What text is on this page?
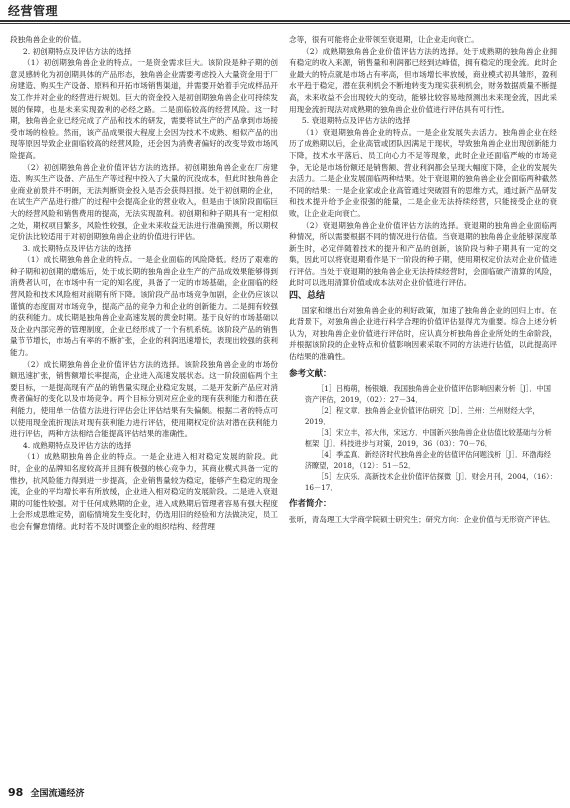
经营管理

段独角兽企业的价值。

2. 初创期特点及评估方法的选择

（1）初创期独角兽企业的特点。一是资金需求巨大。该阶段是种子期的创意灵感转化为初创期具体的产品形态，独角兽企业需要考虑投入大量资金用于厂房建造、购买生产设备、原料和开拓市场销售渠道，并需要开始着手完成样品开发工作并对企业的经营进行规划。巨大的资金投入是初创期独角兽企业可持续发展的保障，也是未来实现盈利的必经之路。二是面临较高的经营风险。这一时期，独角兽企业已经完成了产品和技术的研发，需要将试生产的产品拿到市场接受市场的检验。然而，该产品成果很大程度上会因为技术不成熟、相似产品的出现等原因导致企业面临较高的经营风险，还会因为消费者偏好的改变导致市场风险提高。

（2）初创期独角兽企业价值评估方法的选择。初创期独角兽企业在厂房建造、购买生产设备、产品生产等过程中投入了大量的沉没成本，但此时独角兽企业商业前景并不明朗，无法判断资金投入是否会获得回报。处于初创期的企业，在试生产产品进行推广的过程中会提高企业的营业收入，但是由于该阶段面临巨大的经营风险和销售费用的提高，无法实现盈利。初创期和种子期具有一定相似之处，期权项目繁多，风险性较强，企业未来收益无法进行准确预测，所以期权定价法比较适用于对初创期独角兽企业的价值进行评估。

3. 成长期特点及评估方法的选择

（1）成长期独角兽企业的特点。一是企业面临的风险降低。经历了艰难的种子期和初创期的磨炼后，处于成长期的独角兽企业生产的产品成效果能够得到消费者认可，在市场中有一定的知名度，具备了一定的市场基础，企业面临的经营风险和技术风险相对前期有所下降。该阶段产品市场竞争加剧，企业仍应该以谨慎的态度面对市场竞争，提高产品的竞争力和企业的创新能力。二是拥有较强的获利能力。成长期是独角兽企业高速发展的黄金时期。基于良好的市场基础以及企业内部完善的管理制度，企业已经形成了一个有机系统。该阶段产品的销售量节节增长，市场占有率的不断扩张，企业的利润迅速增长，表现出较强的获利能力。

（2）成长期独角兽企业价值评估方法的选择。该阶段独角兽企业的市场份额迅速扩张，销售额增长率提高，企业进入高速发展状态。这一阶段面临两个主要目标，一是提高现有产品的销售量实现企业稳定发展，二是开发新产品应对消费者偏好的变化以及市场竞争。两个目标分别对应企业的现有获利能力和潜在获利能力，使用单一估值方法进行评估会让评估结果有失偏颇。根据二者的特点可以使用现金流折现法对现有获利能力进行评估，使用期权定价法对潜在获利能力进行评估，两种方法相结合能提高评估结果的准确性。

4. 成熟期特点及评估方法的选择

（1）成熟期独角兽企业的特点。一是企业进入相对稳定发展的阶段。此时，企业的品牌知名度较高并且拥有极强的核心竞争力，其商业模式具备一定的惟抄，抗风险能力得到进一步提高，企业销售量较为稳定，能够产生稳定的现金流，企业的平均增长率有所放缓，企业进入相对稳定的发展阶段。二是进入衰退期的可能性较强。对于任何成熟期的企业，进入成熟期后管理者容易有强大程度上会形成思维定势，面临情境发生变化时，仍选用旧的经验和方法做决定，员工也会有懈怠情绪。此时若不及时调整企业的组织结构、经营理

念等，很有可能将企业带领至衰退期，让企业走向衰亡。

（2）成熟期独角兽企业价值评估方法的选择。处于成熟期的独角兽企业拥有稳定的收入来源，销售量和利润都已经到达峰值，拥有稳定的现金流。此时企业最大的特点就是市场占有率高，但市场增长率放缓，商业模式初具雏形，盈利水平趋于稳定，潜在获利机会不断地转变为现实获利机会，财务数据质量不断提高，未来收益不会出现较大的变动，能够比较容易地预测出未来现金流，因此采用现金流折现法对成熟期的独角兽企业价值进行评估具有可行性。

5. 衰退期特点及评估方法的选择

（1）衰退期独角兽企业的特点。一是企业发展失去活力。独角兽企业在经历了成熟期以后，企业高管或团队因满足于现状，导致独角兽企业出现创新能力下降，技术水平落后、员工向心力不足等现象，此时企业还面临严峻的市场竞争，无论是市场份额还是销售额、营业利润都会呈现大幅度下降，企业的发展失去活力。二是企业发展面临两种结果。处于衰退期的独角兽企业会面临两种截然不同的结果：一是企业家或企业高管通过突破固有的思维方式，通过新产品研发和技术提升给予企业很强的能量，二是企业无法持续经营，只能接受企业的衰败，让企业走向衰亡。

（2）衰退期独角兽企业价值评估方法的选择。衰退期的独角兽企业面临两种情况，所以需要根据不同的情况进行估值。当衰退期的独角兽企业能够深度革新生时，必定伴随着技术的提升和产品的创新，该阶段与种子期具有一定的交集，因此可以将衰退期看作是下一阶段的种子期，使用期权定价法对企业价值进行评估。当处于衰退期的独角兽企业无法持续经营时，会面临破产清算的风险，此时可以选用清算价值或成本法对企业价值进行评估。

四、总结

国家和继出台对独角兽企业的利好政策，加速了独角兽企业的回归上市。在此背景下，对独角兽企业进行科学合理的价值评估显得尤为重要。综合上述分析认为，对独角兽企业价值进行评估时，应认真分析独角兽企业所处的生命阶段，并根据该阶段的企业特点和价值影响因素采取不同的方法进行估值，以此提高评估结果的准确性。

参考文献：

［1］吕梅萌，杨银娥．我国独角兽企业价值评估影响因素分析［J］．中国资产评估，2019，（02）：27－34．

［2］程文章．独角兽企业价值评估研究［D］．兰州：兰州财经大学，2019．

［3］宋立丰，祁大伟，宋远方．中国新兴独角兽企业估值比较基础与分析框架［J］．科技进步与对策，2019，36（03）：70－76．

［4］季孟真．新经济时代独角兽企业的估值评估问题浅析［J］．环渤海经济瞭望，2018，（12）：51－52．

［5］左庆乐．高新技术企业价值评估探微［J］．财会月刊，2004，（16）：16－17．

作者简介：

张昕，青岛理工大学商学院硕士研究生；研究方向：企业价值与无形资产评估。

98 全国流通经济
